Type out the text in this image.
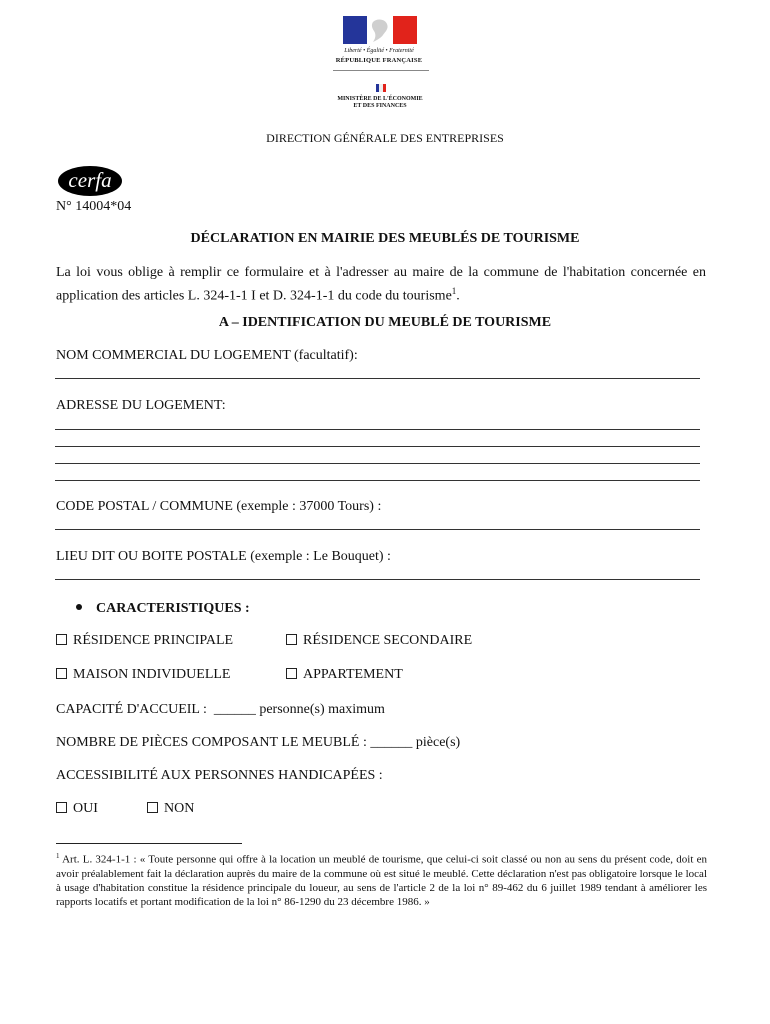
Liberté • Égalité • Fraternité
RÉPUBLIQUE FRANÇAISE
MINISTÈRE DE L'ÉCONOMIE
ET DES FINANCES
DIRECTION GÉNÉRALE DES ENTREPRISES
cerfa
N° 14004*04
DÉCLARATION EN MAIRIE DES MEUBLÉS DE TOURISME
La loi vous oblige à remplir ce formulaire et à l'adresser au maire de la commune de l'habitation concernée en application des articles L. 324-1-1 I et D. 324-1-1 du code du tourisme$^1$.
A – IDENTIFICATION DU MEUBLÉ DE TOURISME
NOM COMMERCIAL DU LOGEMENT (facultatif):
ADRESSE DU LOGEMENT:
CODE POSTAL / COMMUNE (exemple : 37000 Tours) :
LIEU DIT OU BOITE POSTALE (exemple : Le Bouquet) :
CARACTERISTIQUES :
RÉSIDENCE PRINCIPALE	RÉSIDENCE SECONDAIRE
MAISON INDIVIDUELLE	APPARTEMENT
CAPACITÉ D'ACCUEIL :  ______ personne(s) maximum
NOMBRE DE PIÈCES COMPOSANT LE MEUBLÉ : ______ pièce(s)
ACCESSIBILITÉ AUX PERSONNES HANDICAPÉES :
OUI	NON
$^1$ Art. L. 324-1-1 : « Toute personne qui offre à la location un meublé de tourisme, que celui-ci soit classé ou non au sens du présent code, doit en avoir préalablement fait la déclaration auprès du maire de la commune où est situé le meublé. Cette déclaration n'est pas obligatoire lorsque le local à usage d'habitation constitue la résidence principale du loueur, au sens de l'article 2 de la loi n° 89-462 du 6 juillet 1989 tendant à améliorer les rapports locatifs et portant modification de la loi n° 86-1290 du 23 décembre 1986. »
